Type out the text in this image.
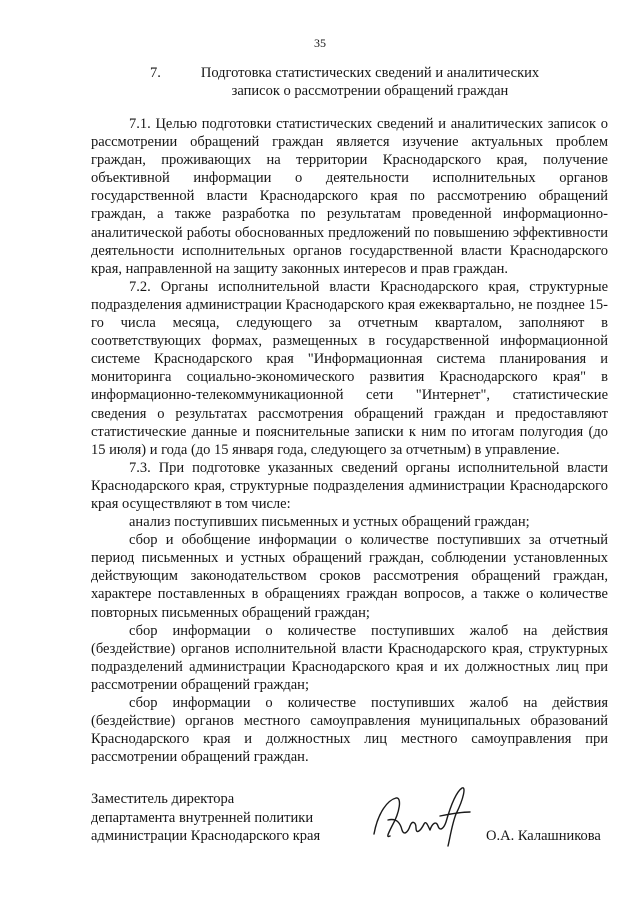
35
7.	Подготовка статистических сведений и аналитических
записок о рассмотрении обращений граждан

7.1. Целью подготовки статистических сведений и аналитических записок о рассмотрении обращений граждан является изучение актуальных проблем граждан, проживающих на территории Краснодарского края, получение объективной информации о деятельности исполнительных органов государственной власти Краснодарского края по рассмотрению обращений граждан, а также разработка по результатам проведенной информационно-аналитической работы обоснованных предложений по повышению эффективности деятельности исполнительных органов государственной власти Краснодарского края, направленной на защиту законных интересов и прав граждан.

7.2. Органы исполнительной власти Краснодарского края, структурные подразделения администрации Краснодарского края ежеквартально, не позднее 15-го числа месяца, следующего за отчетным кварталом, заполняют в соответствующих формах, размещенных в государственной информационной системе Краснодарского края "Информационная система планирования и мониторинга социально-экономического развития Краснодарского края" в информационно-телекоммуникационной сети "Интернет", статистические сведения о результатах рассмотрения обращений граждан и предоставляют статистические данные и пояснительные записки к ним по итогам полугодия (до 15 июля) и года (до 15 января года, следующего за отчетным) в управление.

7.3. При подготовке указанных сведений органы исполнительной власти Краснодарского края, структурные подразделения администрации Краснодарского края осуществляют в том числе:

анализ поступивших письменных и устных обращений граждан;

сбор и обобщение информации о количестве поступивших за отчетный период письменных и устных обращений граждан, соблюдении установленных действующим законодательством сроков рассмотрения обращений граждан, характере поставленных в обращениях граждан вопросов, а также о количестве повторных письменных обращений граждан;

сбор информации о количестве поступивших жалоб на действия (бездействие) органов исполнительной власти Краснодарского края, структурных подразделений администрации Краснодарского края и их должностных лиц при рассмотрении обращений граждан;

сбор информации о количестве поступивших жалоб на действия (бездействие) органов местного самоуправления муниципальных образований Краснодарского края и должностных лиц местного самоуправления при рассмотрении обращений граждан.

Заместитель директора
департамента внутренней политики
администрации Краснодарского края	О.А. Калашникова
